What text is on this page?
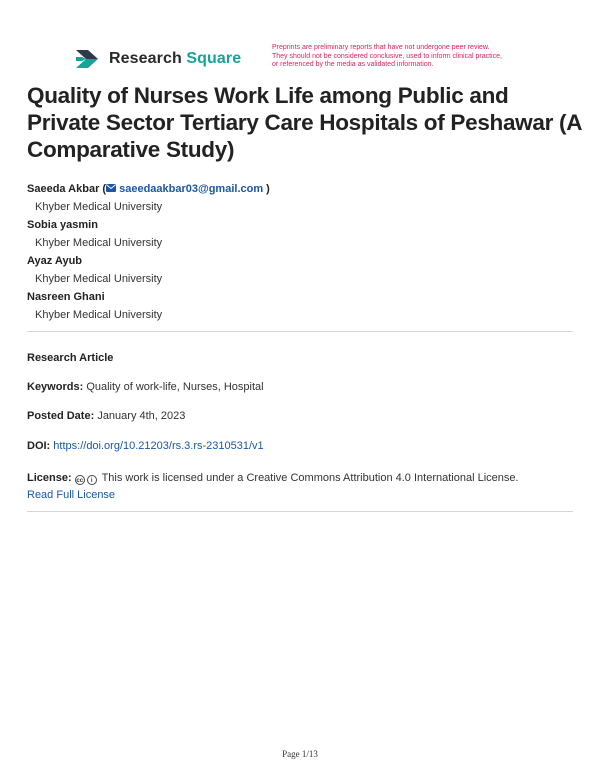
Research Square
Preprints are preliminary reports that have not undergone peer review.
They should not be considered conclusive, used to inform clinical practice,
or referenced by the media as validated information.
Quality of Nurses Work Life among Public and Private Sector Tertiary Care Hospitals of Peshawar (A Comparative Study)
Saeeda Akbar ( saeedaakbar03@gmail.com )
Khyber Medical University
Sobia yasmin
Khyber Medical University
Ayaz Ayub
Khyber Medical University
Nasreen Ghani
Khyber Medical University
Research Article
Keywords: Quality of work-life, Nurses, Hospital
Posted Date: January 4th, 2023
DOI: https://doi.org/10.21203/rs.3.rs-2310531/v1
License: cc i This work is licensed under a Creative Commons Attribution 4.0 International License.
Read Full License
Page 1/13
